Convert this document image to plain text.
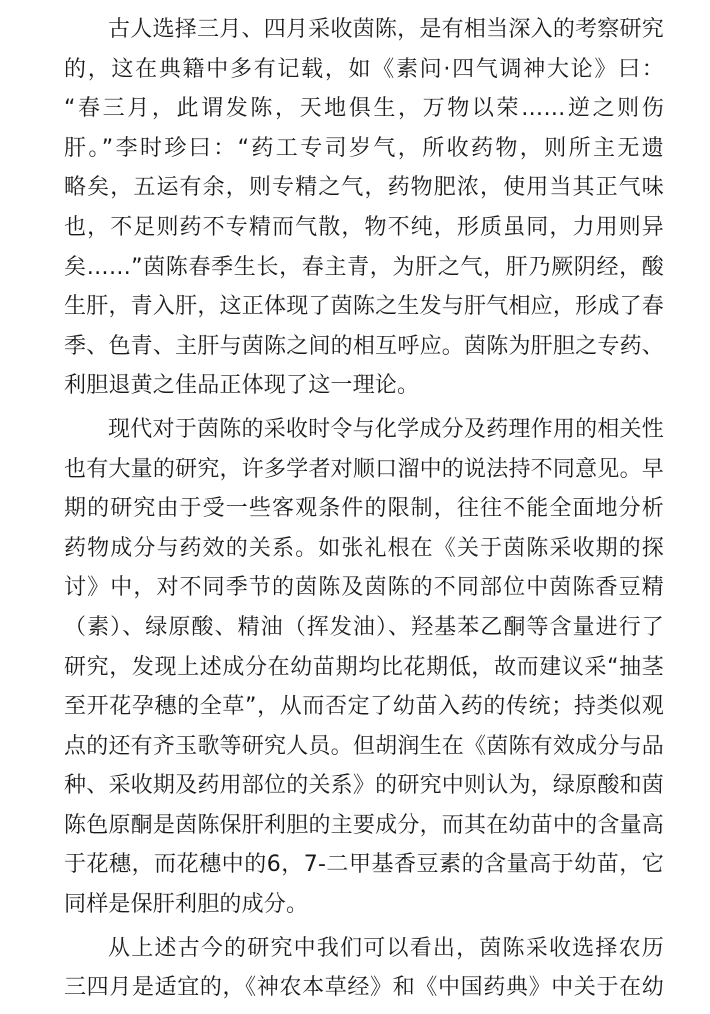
古人选择三月、四月采收茵陈，是有相当深入的考察研究
的，这在典籍中多有记载，如《素问·四气调神大论》曰：
“春三月，此谓发陈，天地俱生，万物以荣……逆之则伤
肝。”李时珍曰：“药工专司岁气，所收药物，则所主无遗
略矣，五运有余，则专精之气，药物肥浓，使用当其正气味
也，不足则药不专精而气散，物不纯，形质虽同，力用则异
矣……”茵陈春季生长，春主青，为肝之气，肝乃厥阴经，酸
生肝，青入肝，这正体现了茵陈之生发与肝气相应，形成了春
季、色青、主肝与茵陈之间的相互呼应。茵陈为肝胆之专药、
利胆退黄之佳品正体现了这一理论。
现代对于茵陈的采收时令与化学成分及药理作用的相关性
也有大量的研究，许多学者对顺口溜中的说法持不同意见。早
期的研究由于受一些客观条件的限制，往往不能全面地分析
药物成分与药效的关系。如张礼根在《关于茵陈采收期的探
讨》中，对不同季节的茵陈及茵陈的不同部位中茵陈香豆精
（素）、绿原酸、精油（挥发油）、羟基苯乙酮等含量进行了
研究，发现上述成分在幼苗期均比花期低，故而建议采“抽茎
至开花孕穗的全草”，从而否定了幼苗入药的传统；持类似观
点的还有齐玉歌等研究人员。但胡润生在《茵陈有效成分与品
种、采收期及药用部位的关系》的研究中则认为，绿原酸和茵
陈色原酮是茵陈保肝利胆的主要成分，而其在幼苗中的含量高
于花穗，而花穗中的6，7-二甲基香豆素的含量高于幼苗，它
同样是保肝利胆的成分。
从上述古今的研究中我们可以看出，茵陈采收选择农历
三四月是适宜的，《神农本草经》和《中国药典》中关于在幼
